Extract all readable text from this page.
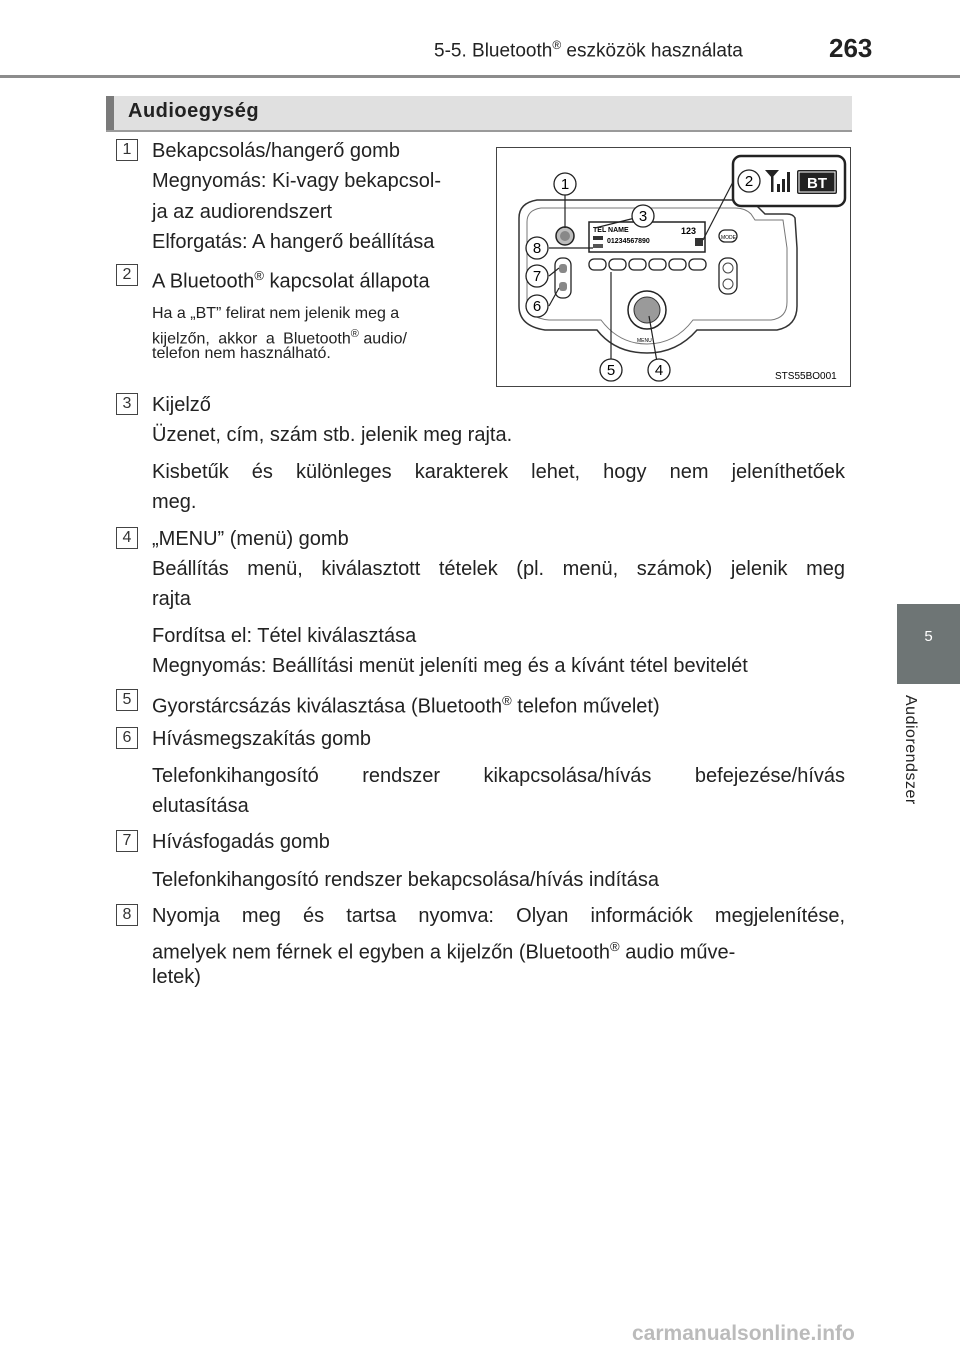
5-5. Bluetooth® eszközök használata	263
5
Audiorendszer
Audioegység
1	Bekapcsolás/hangerő gomb
Megnyomás: Ki-vagy bekapcsol-
ja az audiorendszert
Elforgatás: A hangerő beállítása
2	A Bluetooth® kapcsolat állapota
Ha a „BT” felirat nem jelenik meg a
kijelzőn, akkor a Bluetooth® audio/
telefon nem használható.
TEL NAME	123
01234567890	MODE
MENU
1
3
8
7
6
5	4
2	BT
STS55BO001
3	Kijelző
Üzenet, cím, szám stb. jelenik meg rajta.
Kisbetűk és különleges karakterek lehet, hogy nem jeleníthetőek
meg.
4	„MENU” (menü) gomb
Beállítás menü, kiválasztott tételek (pl. menü, számok) jelenik meg
rajta
Fordítsa el: Tétel kiválasztása
Megnyomás: Beállítási menüt jeleníti meg és a kívánt tétel bevitelét
5	Gyorstárcsázás kiválasztása (Bluetooth® telefon művelet)
6	Hívásmegszakítás gomb
Telefonkihangosító rendszer kikapcsolása/hívás befejezése/hívás
elutasítása
7	Hívásfogadás gomb
Telefonkihangosító rendszer bekapcsolása/hívás indítása
8	Nyomja meg és tartsa nyomva: Olyan információk megjelenítése,
amelyek nem férnek el egyben a kijelzőn (Bluetooth® audio műve-
letek)
carmanualsonline.info
